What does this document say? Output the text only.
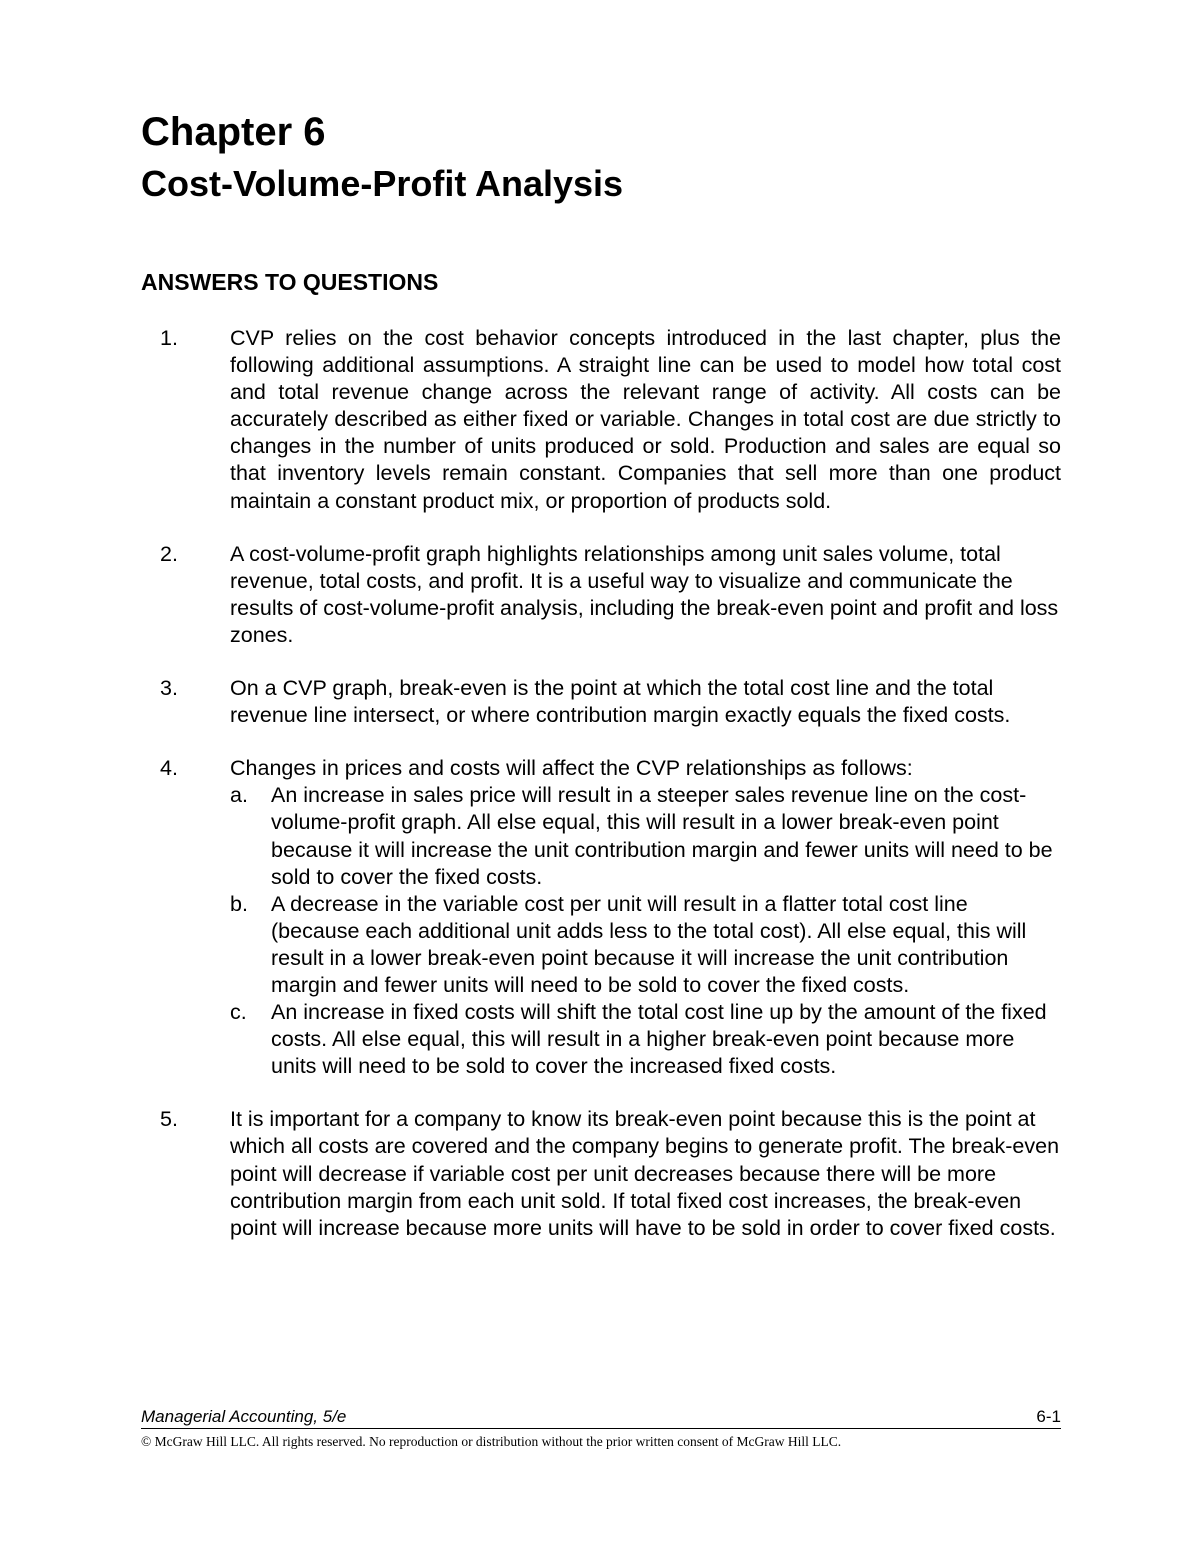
Chapter 6
Cost-Volume-Profit Analysis
ANSWERS TO QUESTIONS
1. CVP relies on the cost behavior concepts introduced in the last chapter, plus the following additional assumptions. A straight line can be used to model how total cost and total revenue change across the relevant range of activity. All costs can be accurately described as either fixed or variable. Changes in total cost are due strictly to changes in the number of units produced or sold. Production and sales are equal so that inventory levels remain constant. Companies that sell more than one product maintain a constant product mix, or proportion of products sold.
2. A cost-volume-profit graph highlights relationships among unit sales volume, total revenue, total costs, and profit. It is a useful way to visualize and communicate the results of cost-volume-profit analysis, including the break-even point and profit and loss zones.
3. On a CVP graph, break-even is the point at which the total cost line and the total revenue line intersect, or where contribution margin exactly equals the fixed costs.
4. Changes in prices and costs will affect the CVP relationships as follows:
a. An increase in sales price will result in a steeper sales revenue line on the cost-volume-profit graph. All else equal, this will result in a lower break-even point because it will increase the unit contribution margin and fewer units will need to be sold to cover the fixed costs.
b. A decrease in the variable cost per unit will result in a flatter total cost line (because each additional unit adds less to the total cost). All else equal, this will result in a lower break-even point because it will increase the unit contribution margin and fewer units will need to be sold to cover the fixed costs.
c. An increase in fixed costs will shift the total cost line up by the amount of the fixed costs. All else equal, this will result in a higher break-even point because more units will need to be sold to cover the increased fixed costs.
5. It is important for a company to know its break-even point because this is the point at which all costs are covered and the company begins to generate profit. The break-even point will decrease if variable cost per unit decreases because there will be more contribution margin from each unit sold. If total fixed cost increases, the break-even point will increase because more units will have to be sold in order to cover fixed costs.
Managerial Accounting, 5/e	6-1
© McGraw Hill LLC. All rights reserved. No reproduction or distribution without the prior written consent of McGraw Hill LLC.
